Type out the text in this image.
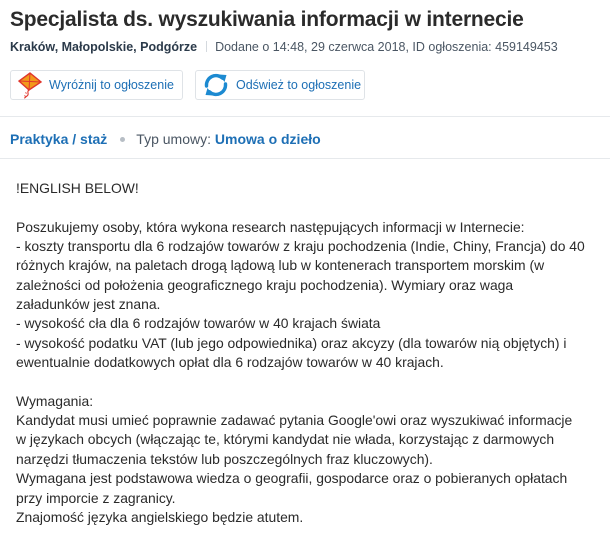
Specjalista ds. wyszukiwania informacji w internecie
Kraków, Małopolskie, Podgórze Dodane o 14:48, 29 czerwca 2018, ID ogłoszenia: 459149453
Wyróżnij to ogłoszenie	Odśwież to ogłoszenie
Praktyka / staż Typ umowy: Umowa o dzieło

!ENGLISH BELOW!

Poszukujemy osoby, która wykona research następujących informacji w Internecie:

- koszty transportu dla 6 rodzajów towarów z kraju pochodzenia (Indie, Chiny, Francja) do 40 różnych krajów, na paletach drogą lądową lub w kontenerach transportem morskim (w zależności od położenia geograficznego kraju pochodzenia). Wymiary oraz waga załadunków jest znana.

- wysokość cła dla 6 rodzajów towarów w 40 krajach świata

- wysokość podatku VAT (lub jego odpowiednika) oraz akcyzy (dla towarów nią objętych) i ewentualnie dodatkowych opłat dla 6 rodzajów towarów w 40 krajach.

Wymagania:

Kandydat musi umieć poprawnie zadawać pytania Google'owi oraz wyszukiwać informacje w językach obcych (włączając te, którymi kandydat nie włada, korzystając z darmowych narzędzi tłumaczenia tekstów lub poszczególnych fraz kluczowych).

Wymagana jest podstawowa wiedza o geografii, gospodarce oraz o pobieranych opłatach przy imporcie z zagranicy.

Znajomość języka angielskiego będzie atutem.
